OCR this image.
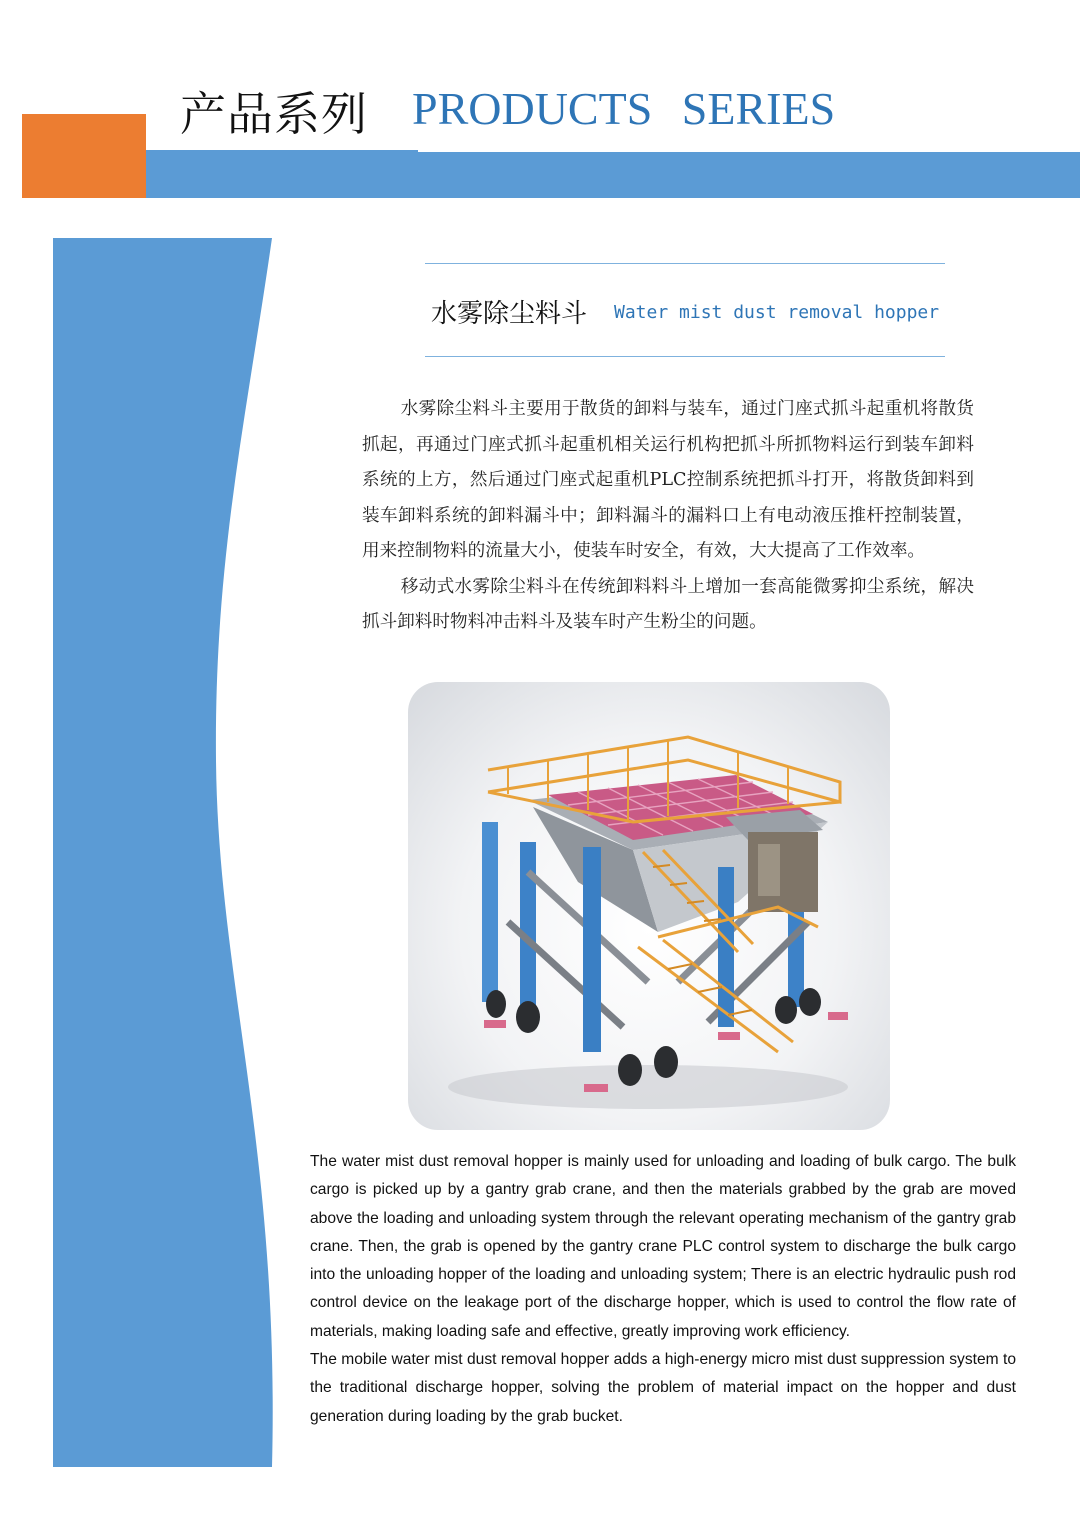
产品系列 PRODUCTS SERIES
水雾除尘料斗 Water mist dust removal hopper

水雾除尘料斗主要用于散货的卸料与装车，通过门座式抓斗起重机将散货抓起，再通过门座式抓斗起重机相关运行机构把抓斗所抓物料运行到装车卸料系统的上方，然后通过门座式起重机PLC控制系统把抓斗打开，将散货卸料到装车卸料系统的卸料漏斗中；卸料漏斗的漏料口上有电动液压推杆控制装置，用来控制物料的流量大小，使装车时安全，有效，大大提高了工作效率。

移动式水雾除尘料斗在传统卸料料斗上增加一套高能微雾抑尘系统，解决抓斗卸料时物料冲击料斗及装车时产生粉尘的问题。

The water mist dust removal hopper is mainly used for unloading and loading of bulk cargo. The bulk cargo is picked up by a gantry grab crane, and then the materials grabbed by the grab are moved above the loading and unloading system through the relevant operating mechanism of the gantry grab crane. Then, the grab is opened by the gantry crane PLC control system to discharge the bulk cargo into the unloading hopper of the loading and unloading system; There is an electric hydraulic push rod control device on the leakage port of the discharge hopper, which is used to control the flow rate of materials, making loading safe and effective, greatly improving work efficiency.

The mobile water mist dust removal hopper adds a high-energy micro mist dust suppression system to the traditional discharge hopper, solving the problem of material impact on the hopper and dust generation during loading by the grab bucket.
